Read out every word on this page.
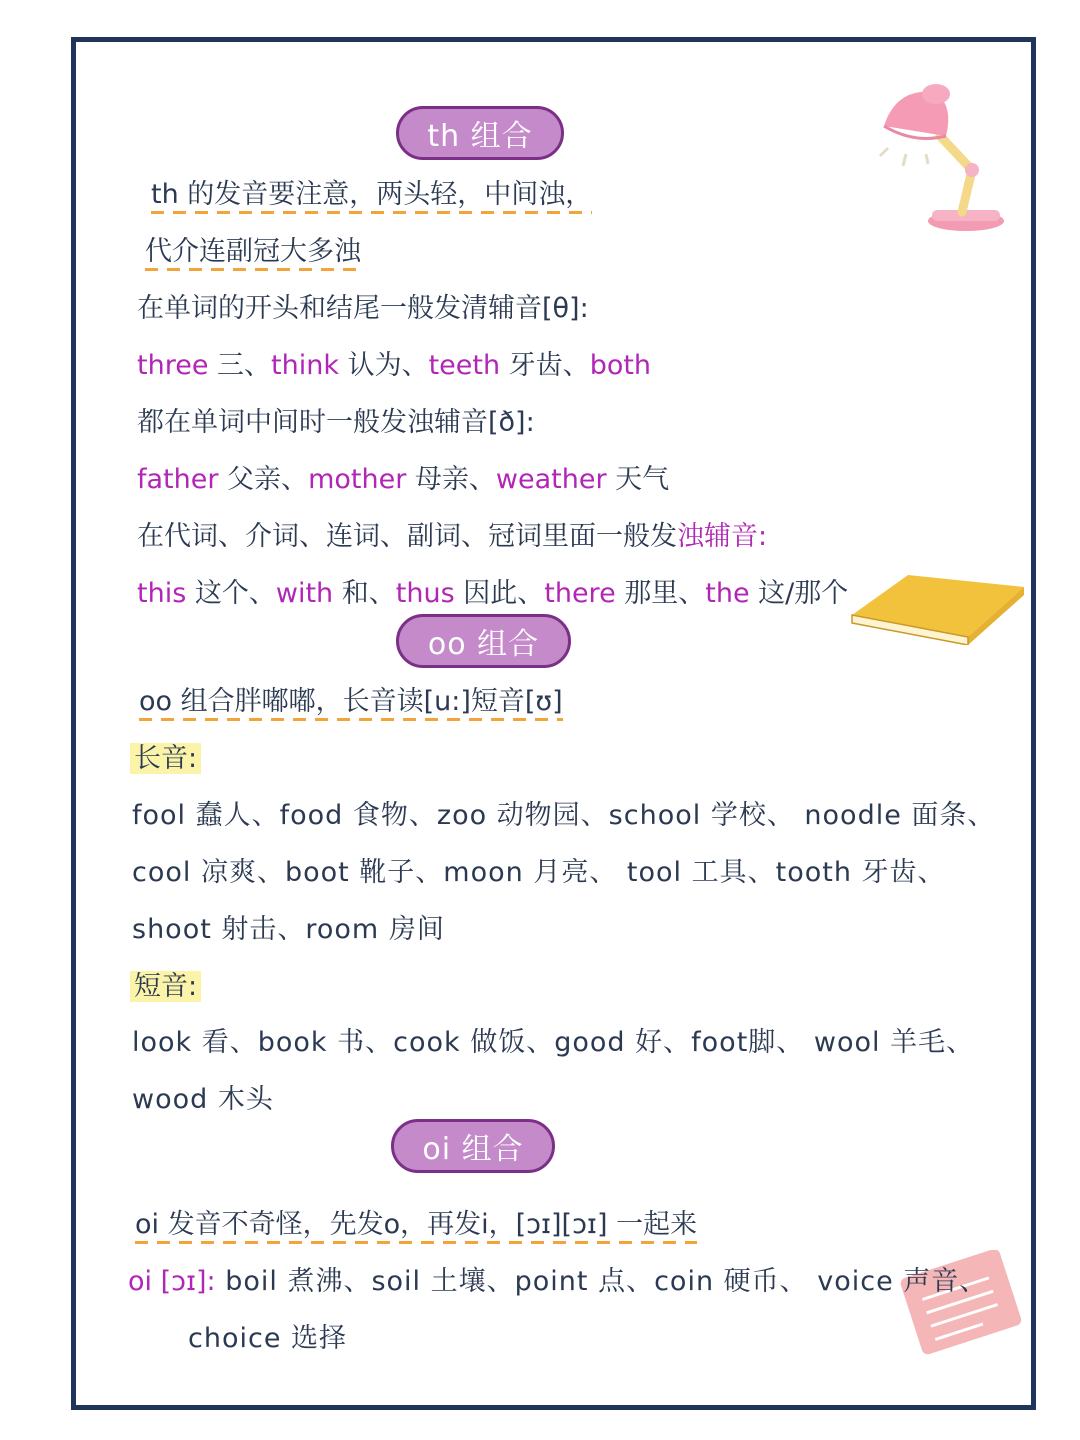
th 组合
th 的发音要注意，两头轻，中间浊，
代介连副冠大多浊
在单词的开头和结尾一般发清辅音[θ]:
three 三、think 认为、teeth 牙齿、both
都在单词中间时一般发浊辅音[ð]:
father 父亲、mother 母亲、weather 天气
在代词、介词、连词、副词、冠词里面一般发浊辅音:
this 这个、with 和、thus 因此、there 那里、the 这/那个
oo 组合
oo 组合胖嘟嘟，长音读[u:]短音[ʊ]
长音:
fool 蠢人、food 食物、zoo 动物园、school 学校、 noodle 面条、
cool 凉爽、boot 靴子、moon 月亮、 tool 工具、tooth 牙齿、
shoot 射击、room 房间
短音:
look 看、book 书、cook 做饭、good 好、foot脚、 wool 羊毛、
wood 木头
oi 组合
oi 发音不奇怪，先发o，再发i，[ɔɪ][ɔɪ] 一起来
oi [ɔɪ]: boil 煮沸、soil 土壤、point 点、coin 硬币、 voice 声音、
choice 选择
